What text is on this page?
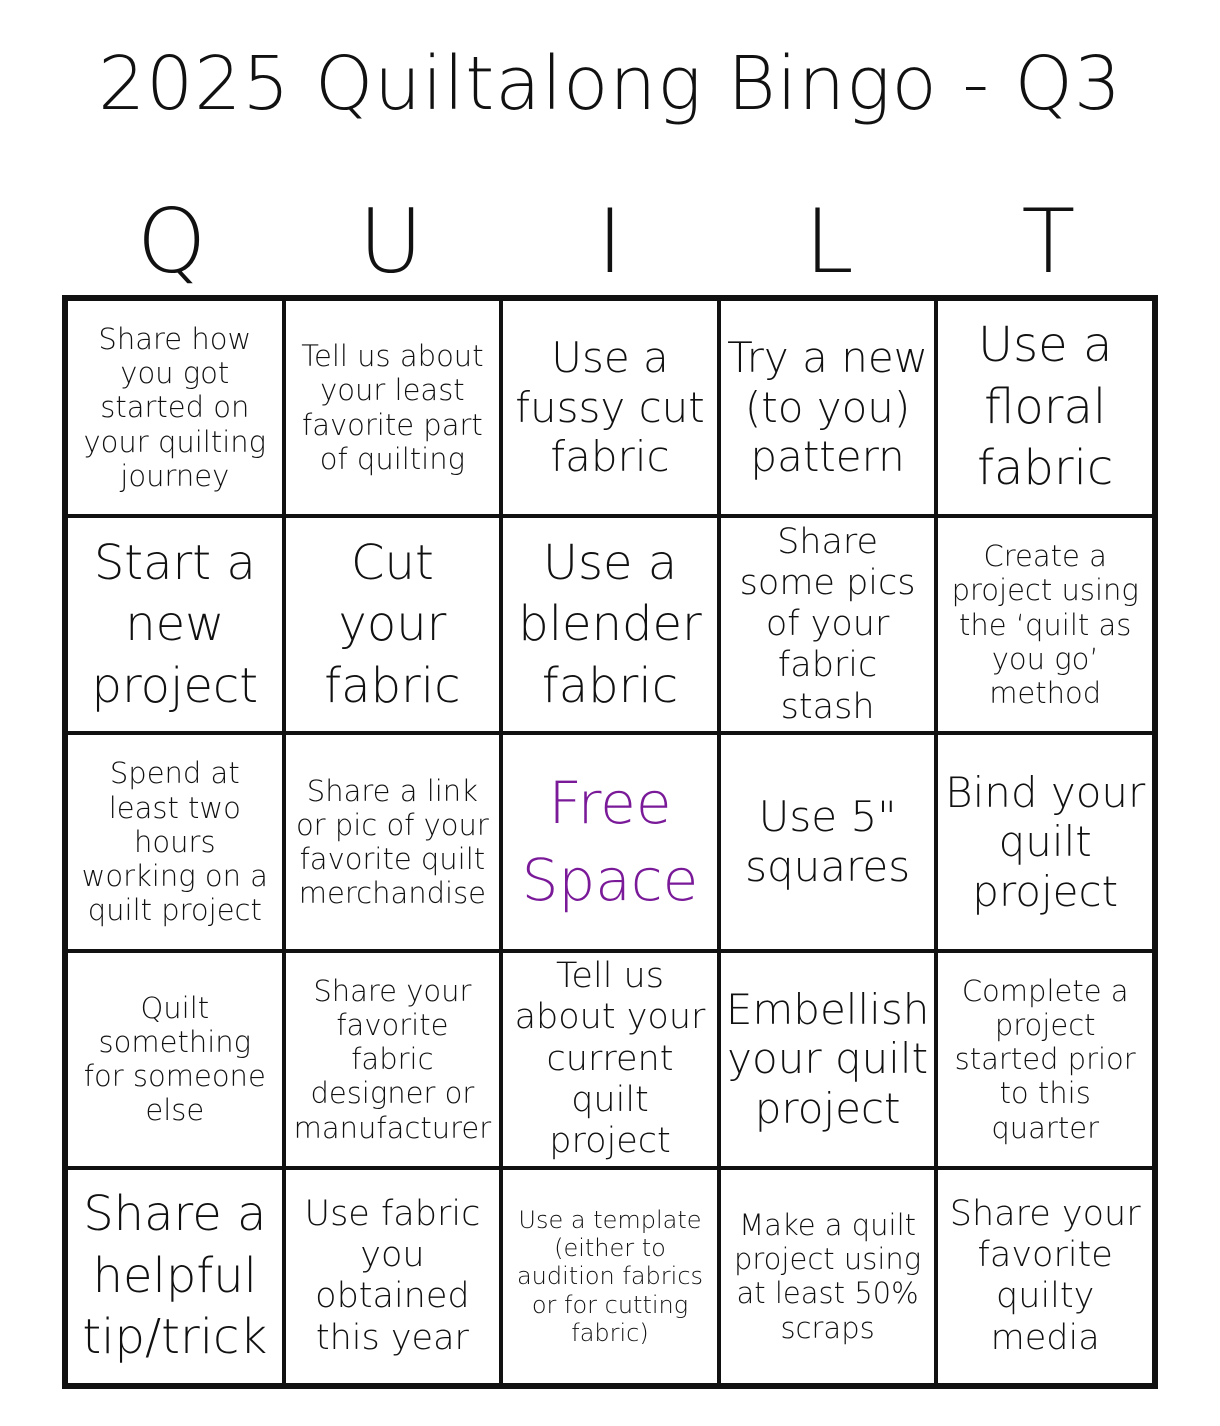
2025 Quiltalong Bingo - Q3
Q	U	I	L	T
Share how you got started on your quilting journey
Tell us about your least favorite part of quilting
Use a fussy cut fabric
Try a new (to you) pattern
Use a floral fabric
Start a new project
Cut your fabric
Use a blender fabric
Share some pics of your fabric stash
Create a project using the ‘quilt as you go’ method
Spend at least two hours working on a quilt project
Share a link or pic of your favorite quilt merchandise
Free Space
Use 5" squares
Bind your quilt project
Quilt something for someone else
Share your favorite fabric designer or manufacturer
Tell us about your current quilt project
Embellish your quilt project
Complete a project started prior to this quarter
Share a helpful tip/trick
Use fabric you obtained this year
Use a template (either to audition fabrics or for cutting fabric)
Make a quilt project using at least 50% scraps
Share your favorite quilty media
